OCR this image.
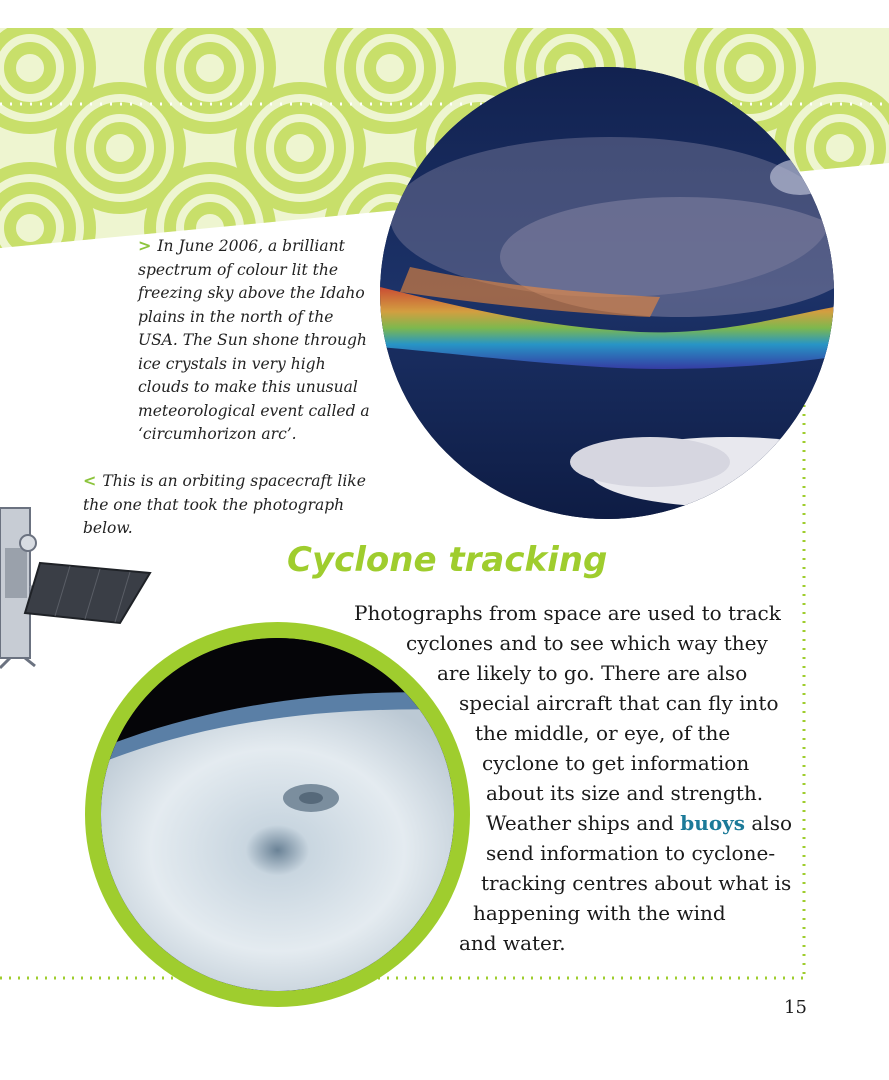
> In June 2006, a brilliant spectrum of colour lit the freezing sky above the Idaho plains in the north of the USA. The Sun shone through ice crystals in very high clouds to make this unusual meteorological event called a ‘circumhorizon arc’.
< This is an orbiting spacecraft like the one that took the photograph below.
Cyclone tracking
Photographs from space are used to track
cyclones and to see which way they
are likely to go. There are also
special aircraft that can fly into
the middle, or eye, of the
cyclone to get information
about its size and strength.
Weather ships and buoys also
send information to cyclone-
tracking centres about what is
happening with the wind
and water.
15
